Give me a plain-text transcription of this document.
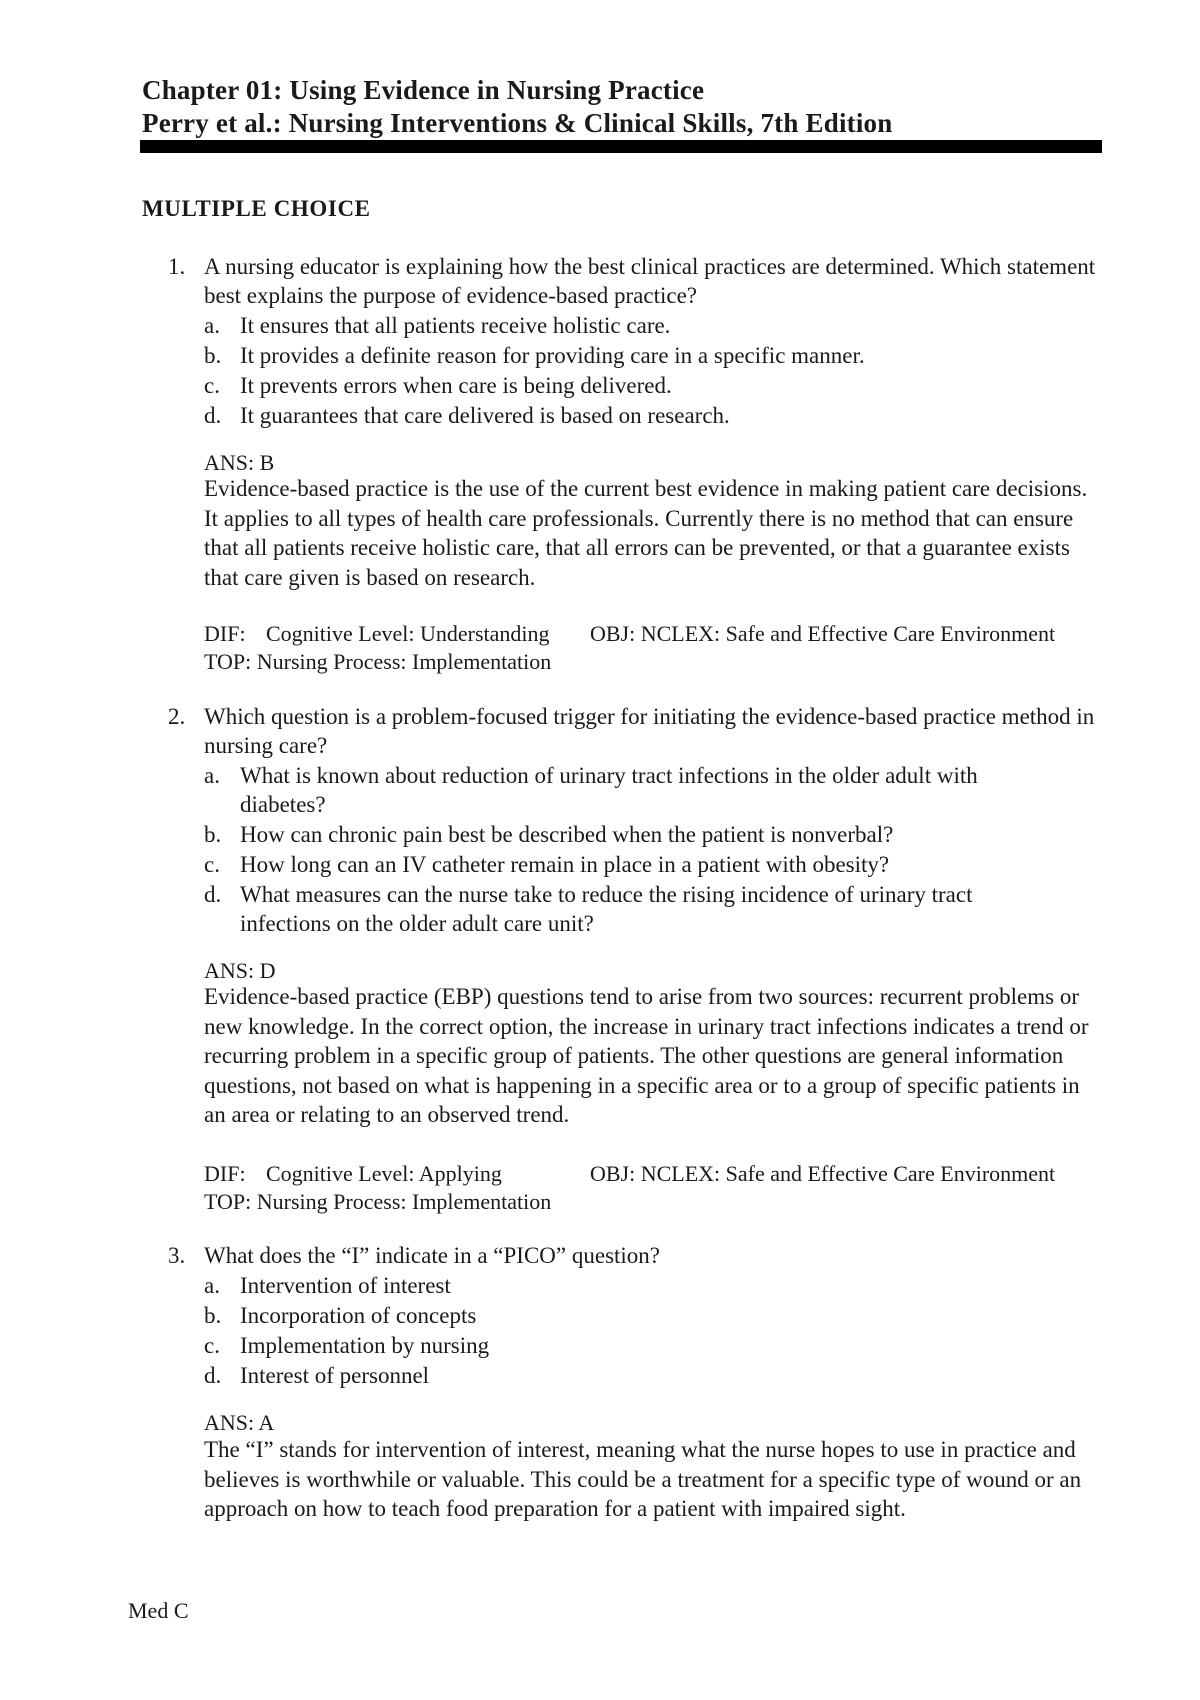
Chapter 01: Using Evidence in Nursing Practice
Perry et al.: Nursing Interventions & Clinical Skills, 7th Edition
MULTIPLE CHOICE
1. A nursing educator is explaining how the best clinical practices are determined. Which statement best explains the purpose of evidence-based practice?
a. It ensures that all patients receive holistic care.
b. It provides a definite reason for providing care in a specific manner.
c. It prevents errors when care is being delivered.
d. It guarantees that care delivered is based on research.
ANS: B
Evidence-based practice is the use of the current best evidence in making patient care decisions. It applies to all types of health care professionals. Currently there is no method that can ensure that all patients receive holistic care, that all errors can be prevented, or that a guarantee exists that care given is based on research.
DIF: Cognitive Level: Understanding OBJ: NCLEX: Safe and Effective Care Environment
TOP: Nursing Process: Implementation
2. Which question is a problem-focused trigger for initiating the evidence-based practice method in nursing care?
a. What is known about reduction of urinary tract infections in the older adult with diabetes?
b. How can chronic pain best be described when the patient is nonverbal?
c. How long can an IV catheter remain in place in a patient with obesity?
d. What measures can the nurse take to reduce the rising incidence of urinary tract infections on the older adult care unit?
ANS: D
Evidence-based practice (EBP) questions tend to arise from two sources: recurrent problems or new knowledge. In the correct option, the increase in urinary tract infections indicates a trend or recurring problem in a specific group of patients. The other questions are general information questions, not based on what is happening in a specific area or to a group of specific patients in an area or relating to an observed trend.
DIF: Cognitive Level: Applying	OBJ: NCLEX: Safe and Effective Care Environment
TOP: Nursing Process: Implementation
3. What does the “I” indicate in a “PICO” question?
a. Intervention of interest
b. Incorporation of concepts
c. Implementation by nursing
d. Interest of personnel
ANS: A
The “I” stands for intervention of interest, meaning what the nurse hopes to use in practice and believes is worthwhile or valuable. This could be a treatment for a specific type of wound or an approach on how to teach food preparation for a patient with impaired sight.
Med C
